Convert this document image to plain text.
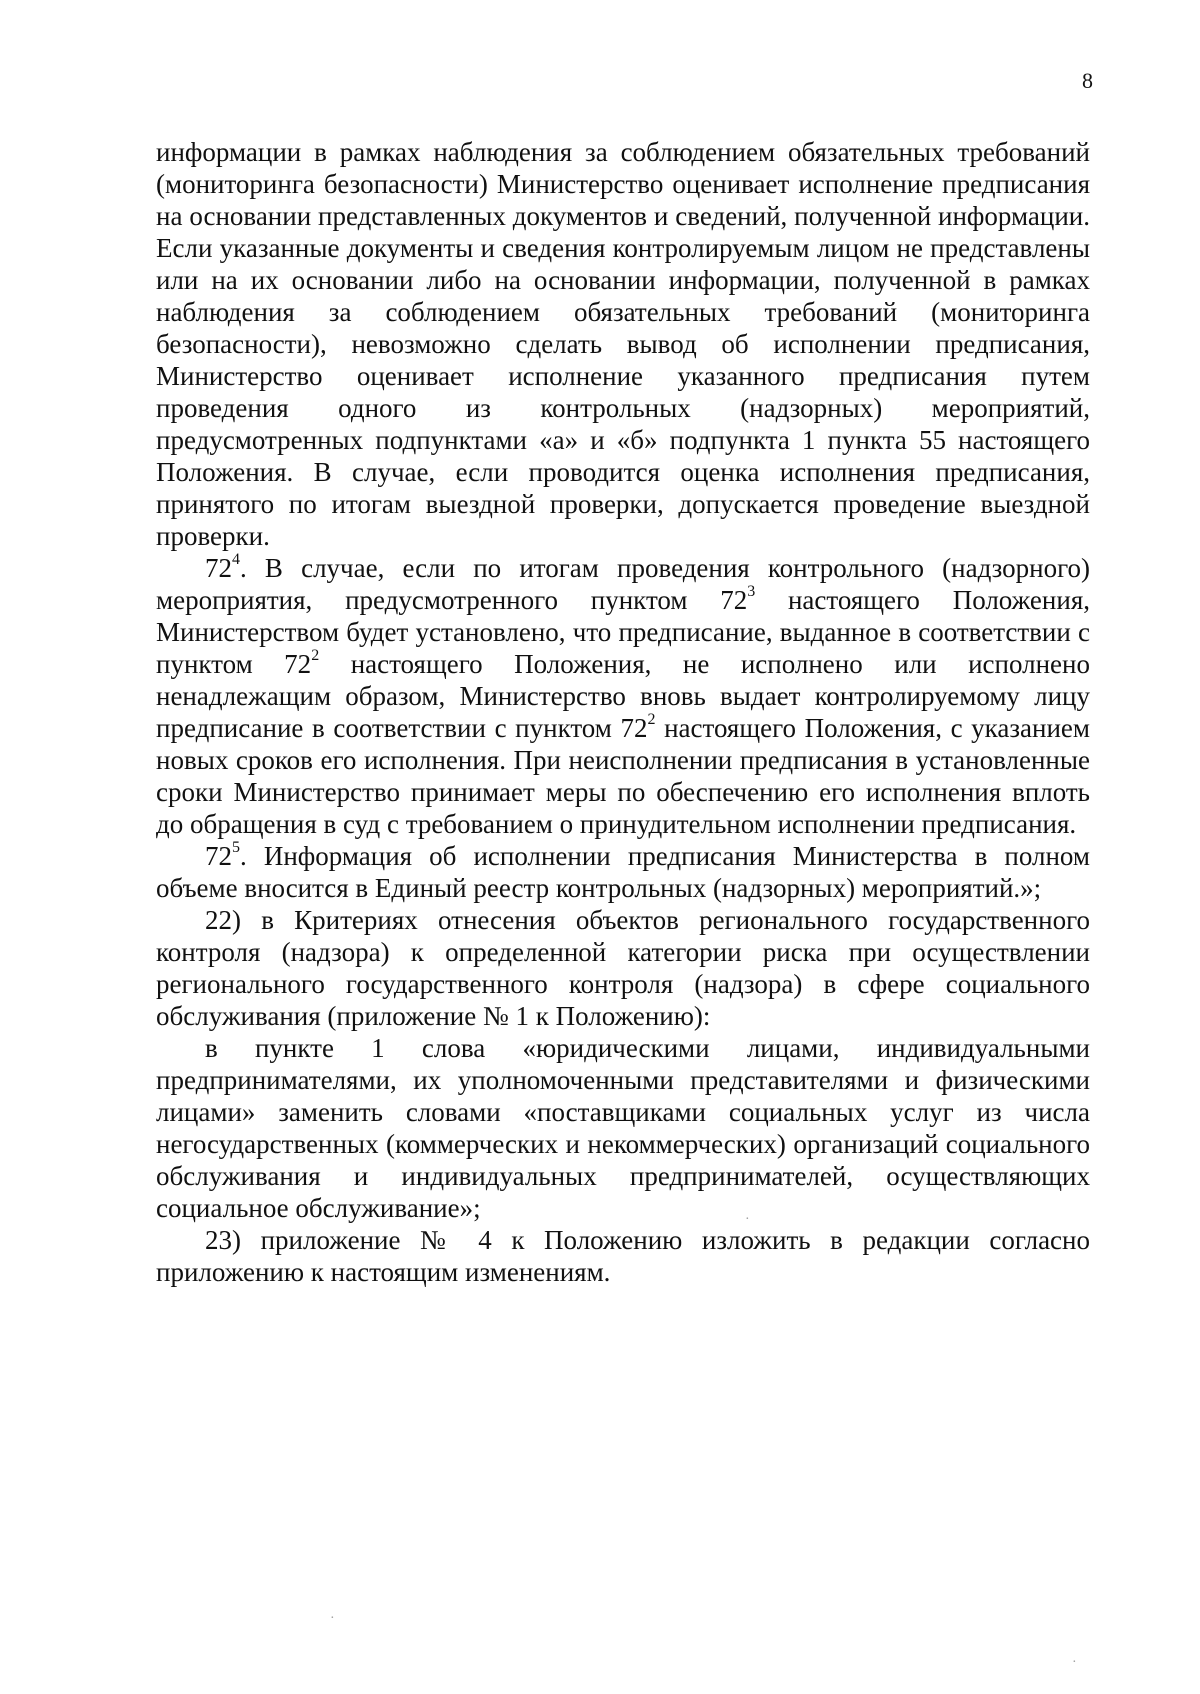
8

информации в рамках наблюдения за соблюдением обязательных требований (мониторинга безопасности) Министерство оценивает исполнение предписания на основании представленных документов и сведений, полученной информации. Если указанные документы и сведения контролируемым лицом не представлены или на их основании либо на основании информации, полученной в рамках наблюдения за соблюдением обязательных требований (мониторинга безопасности), невозможно сделать вывод об исполнении предписания, Министерство оценивает исполнение указанного предписания путем проведения одного из контрольных (надзорных) мероприятий, предусмотренных подпунктами «а» и «б» подпункта 1 пункта 55 настоящего Положения. В случае, если проводится оценка исполнения предписания, принятого по итогам выездной проверки, допускается проведение выездной проверки.

$72^4$. В случае, если по итогам проведения контрольного (надзорного) мероприятия, предусмотренного пунктом $72^3$ настоящего Положения, Министерством будет установлено, что предписание, выданное в соответствии с пунктом $72^2$ настоящего Положения, не исполнено или исполнено ненадлежащим образом, Министерство вновь выдает контролируемому лицу предписание в соответствии с пунктом $72^2$ настоящего Положения, с указанием новых сроков его исполнения. При неисполнении предписания в установленные сроки Министерство принимает меры по обеспечению его исполнения вплоть до обращения в суд с требованием о принудительном исполнении предписания.

$72^5$. Информация об исполнении предписания Министерства в полном объеме вносится в Единый реестр контрольных (надзорных) мероприятий.»;

22) в Критериях отнесения объектов регионального государственного контроля (надзора) к определенной категории риска при осуществлении регионального государственного контроля (надзора) в сфере социального обслуживания (приложение № 1 к Положению):

в пункте 1 слова «юридическими лицами, индивидуальными предпринимателями, их уполномоченными представителями и физическими лицами» заменить словами «поставщиками социальных услуг из числа негосударственных (коммерческих и некоммерческих) организаций социального обслуживания и индивидуальных предпринимателей, осуществляющих социальное обслуживание»;

23) приложение № 4 к Положению изложить в редакции согласно приложению к настоящим изменениям.

·
·
·
